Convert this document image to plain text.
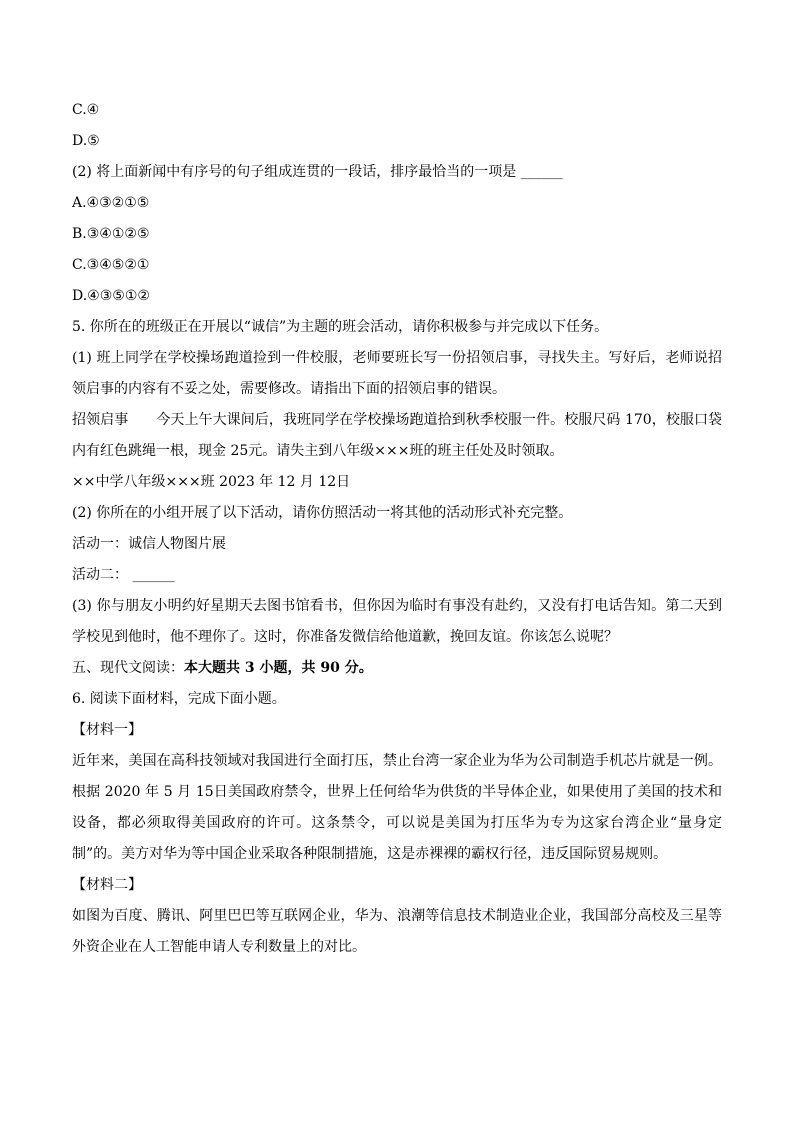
C.④
D.⑤
(2) 将上面新闻中有序号的句子组成连贯的一段话，排序最恰当的一项是 ______
A.④③②①⑤
B.③④①②⑤
C.③④⑤②①
D.④③⑤①②
5. 你所在的班级正在开展以“诚信”为主题的班会活动，请你积极参与并完成以下任务。
(1) 班上同学在学校操场跑道捡到一件校服，老师要班长写一份招领启事，寻找失主。写好后，老师说招领启事的内容有不妥之处，需要修改。请指出下面的招领启事的错误。
招领启事 今天上午大课间后，我班同学在学校操场跑道拾到秋季校服一件。校服尺码 170，校服口袋内有红色跳绳一根，现金 25元。请失主到八年级×××班的班主任处及时领取。
××中学八年级×××班 2023 年 12 月 12日
(2) 你所在的小组开展了以下活动，请你仿照活动一将其他的活动形式补充完整。
活动一：诚信人物图片展
活动二： ______
(3) 你与朋友小明约好星期天去图书馆看书，但你因为临时有事没有赴约，又没有打电话告知。第二天到学校见到他时，他不理你了。这时，你准备发微信给他道歉，挽回友谊。你该怎么说呢？
五、现代文阅读：本大题共 3 小题，共 90 分。
6. 阅读下面材料，完成下面小题。
【材料一】
近年来，美国在高科技领域对我国进行全面打压，禁止台湾一家企业为华为公司制造手机芯片就是一例。根据 2020 年 5 月 15日美国政府禁令，世界上任何给华为供货的半导体企业，如果使用了美国的技术和设备，都必须取得美国政府的许可。这条禁令，可以说是美国为打压华为专为这家台湾企业“量身定制”的。美方对华为等中国企业采取各种限制措施，这是赤裸裸的霸权行径，违反国际贸易规则。
【材料二】
如图为百度、腾讯、阿里巴巴等互联网企业，华为、浪潮等信息技术制造业企业，我国部分高校及三星等外资企业在人工智能申请人专利数量上的对比。
